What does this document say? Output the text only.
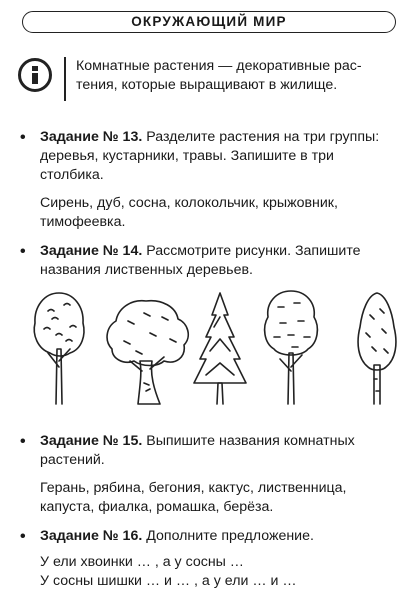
ОКРУЖАЮЩИЙ МИР
Комнатные растения — декоративные рас-
тения, которые выращивают в жилище.
• Задание № 13. Разделите растения на три группы: деревья, кустарники, травы. Запишите в три столбика.
Сирень, дуб, сосна, колокольчик, крыжовник, тимофеевка.
• Задание № 14. Рассмотрите рисунки. Запишите названия лиственных деревьев.
• Задание № 15. Выпишите названия комнатных растений.
Герань, рябина, бегония, кактус, лиственница, капуста, фиалка, ромашка, берёза.
• Задание № 16. Дополните предложение.
У ели хвоинки … , а у сосны …
У сосны шишки … и … , а у ели … и …
